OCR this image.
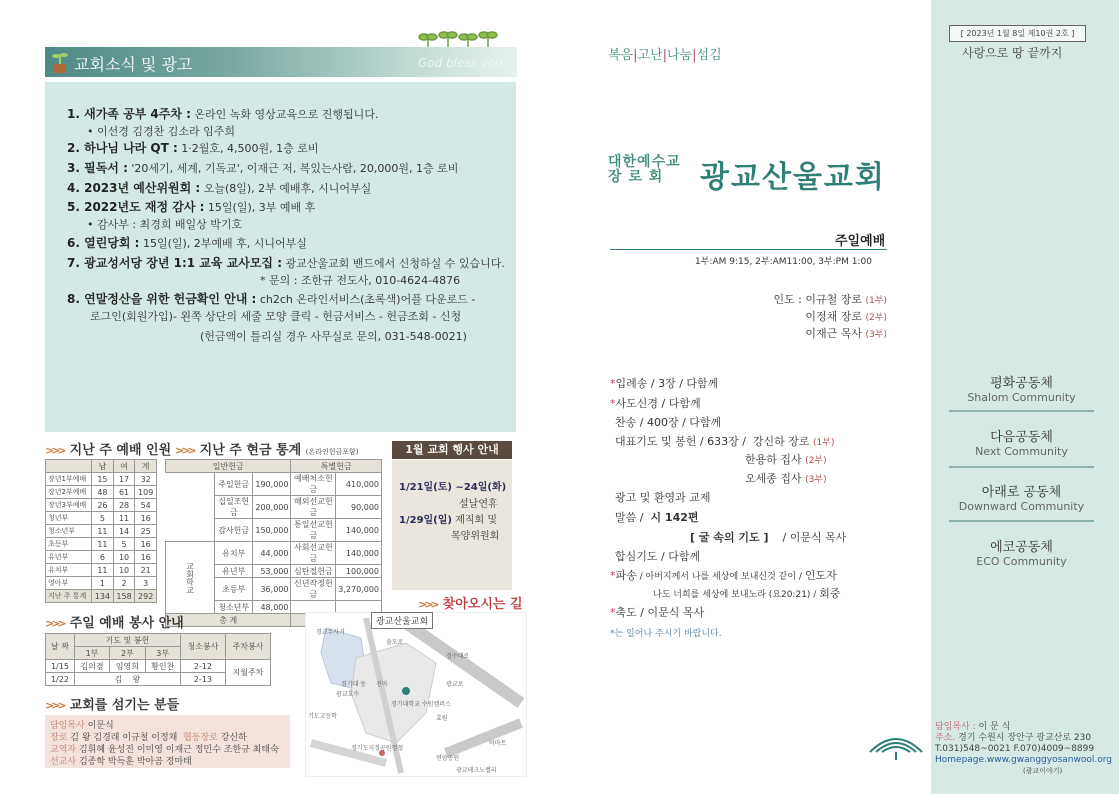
교회소식 및 광고	God bless you
1. 새가족 공부 4주차 : 온라인 녹화 영상교육으로 진행됩니다.
• 이선경 김경찬 김소라 임주희
2. 하나님 나라 QT : 1·2월호, 4,500원, 1층 로비
3. 필독서 : '20세기, 세계, 기독교', 이재근 저, 복있는사람, 20,000원, 1층 로비
4. 2023년 예산위원회 : 오늘(8일), 2부 예배후, 시니어부실
5. 2022년도 재정 감사 : 15일(일), 3부 예배 후
• 감사부 : 최경희 배일상 박기호
6. 열린당회 : 15일(일), 2부예배 후, 시니어부실
7. 광교성서당 장년 1:1 교육 교사모집 : 광교산울교회 밴드에서 신청하실 수 있습니다.
* 문의 : 조한규 전도사, 010-4624-4876
8. 연말정산을 위한 헌금확인 안내 : ch2ch 온라인서비스(초록색)어플 다운로드 -
로그인(회원가입)- 왼쪽 상단의 세줄 모양 클릭 - 헌금서비스 - 헌금조회 - 신청
(헌금액이 틀리실 경우 사무실로 문의, 031-548-0021)
>>> 지난 주 예배 인원
	남	여	계
장년1부예배	15	17	32
장년2부예배	48	61	109
장년3부예배	26	28	54
청년부	5	11	16
청소년부	11	14	25
초등부	11	5	16
유년부	6	10	16
유치부	11	10	21
영아부	1	2	3
지난 주 통계	134	158	292
>>> 지난 주 현금 통계 (온라인헌금포함)
일반헌금			특별헌금	
	주일헌금	190,000	예배처소헌금	410,000
	십일조헌금	200,000	해외선교헌금	90,000
	감사헌금	150,000	통일선교헌금	140,000
교회학교	유치부	44,000	사회선교헌금	140,000
	유년부	53,000	심탄절헌금	100,000
	초등부	36,000	신년작정헌금	3,270,000
	청소년부	48,000		
총 계	
1월 교회 행사 안내
1/21일(토) ~24일(화)
설날연휴
1/29일(일) 제직회 및
목양위원회
>>> 찾아오시는 길
경교두사거
솔모로
경기대 동
광교호수
진마
경기대학교 수원캠퍼스
광교로
경수대로
기도고등학	효원
경기도지정공원정청
이마트
연암공원
광교테크노밸리
광교산울교회
>>> 주일 예배 봉사 안내
날 짜	기도 및 봉헌			청소봉사	주차봉사
	1부	2부	3부		
1/15	김의경	임영희	황인찬	2-12	지월주차
1/22	김 왕			2-13	
>>> 교회를 섬기는 분들
담임목사 이문식
장로 김 왕 김경래 이규철 이정채 협동장로 강신하
교역자 김휘혜 윤성진 이미영 이재근 정민수 조한규 최태숙
선교사 김종학 박득훈 박아곰 정마태
복음|고난|나눔|섬김
대한예수교
장 로 회	광교산울교회
주일예배
1부:AM 9:15, 2부:AM11:00, 3부:PM 1:00
인도 : 이규철 장로 (1부)
이정채 장로 (2부)
이재근 목사 (3부)
*입례송 / 3장 / 다함께
*사도신경 / 다함께
찬송 / 400장 / 다함께
대표기도 및 봉헌 / 633장 /  강신하 장로 (1부)
한용하 집사 (2부)
오세종 집사 (3부)
광고 및 환영과 교제
말씀 / 시 142편
[ 굴 속의 기도 ] / 이문식 목사
합심기도 / 다함께
*파송 / 아버지께서 나를 세상에 보내신것 같이 / 인도자
나도 너희를 세상에 보내노라 (요20:21) / 회중
*축도 / 이문식 목사
*는 일어나 주시기 바랍니다.
[ 2023년 1월 8일 제10권 2호 ]
사랑으로 땅 끝까지
평화공동체
Shalom Community
다음공동체
Next Community
아래로 공동체
Downward Community
에코공동체
ECO Community
담임목사 : 이 문 식
주소. 경기 수원시 장안구 광교산로 230
T.031)548~0021 F.070)4009~8899
Homepage.www.gwanggyosanwool.org
(광교이야기)
